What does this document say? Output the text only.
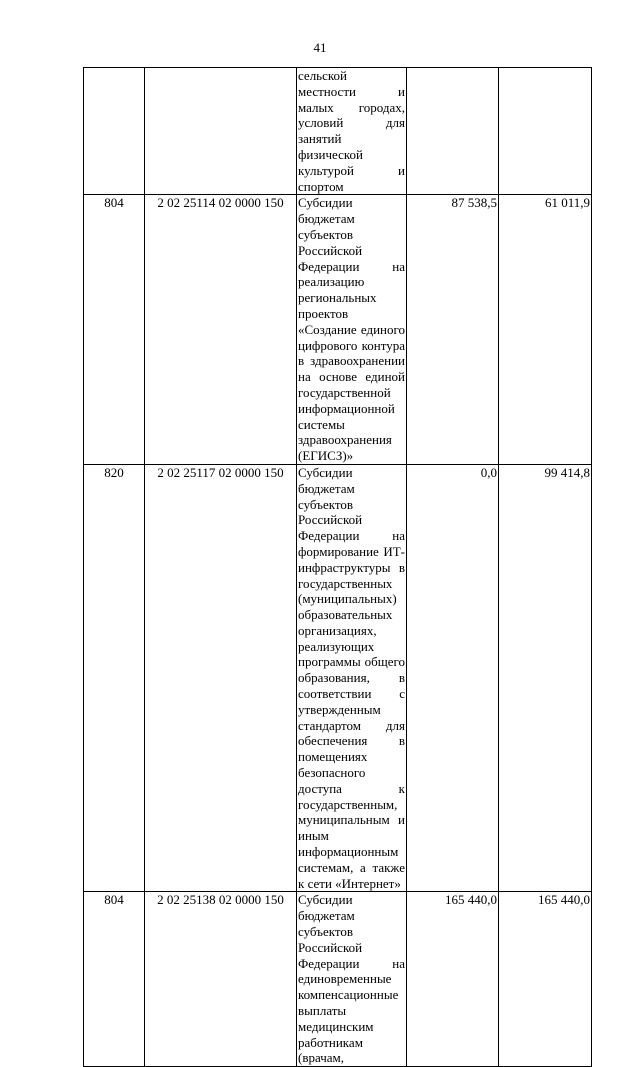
41

		сельской местности и малых городах, условий для занятий физической культурой и спортом		

804	2 02 25114 02 0000 150	Субсидии бюджетам субъектов Российской Федерации на реализацию региональных проектов «Создание единого цифрового контура в здравоохранении на основе единой государственной информационной системы здравоохранения (ЕГИСЗ)»	87 538,5	61 011,9
820	2 02 25117 02 0000 150	Субсидии бюджетам субъектов Российской Федерации на формирование ИТ-инфраструктуры в государственных (муниципальных) образовательных организациях, реализующих программы общего образования, в соответствии с утвержденным стандартом для обеспечения в помещениях безопасного доступа к государственным, муниципальным и иным информационным системам, а также к сети «Интернет»	0,0	99 414,8
804	2 02 25138 02 0000 150	Субсидии бюджетам субъектов Российской Федерации на единовременные компенсационные выплаты медицинским работникам (врачам,	165 440,0	165 440,0
